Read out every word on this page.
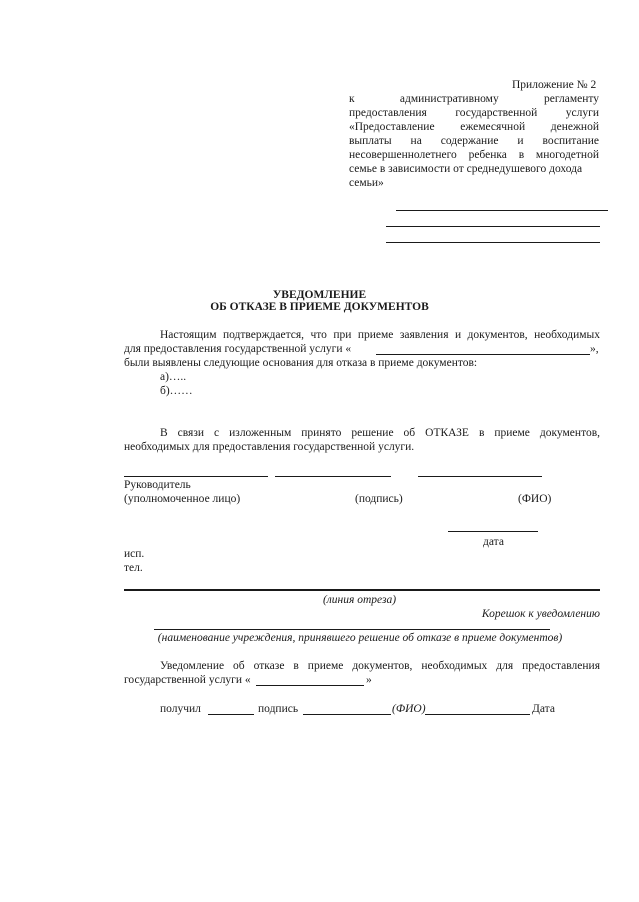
Приложение № 2
к административному регламенту
предоставления государственной услуги
«Предоставление ежемесячной денежной
выплаты на содержание и воспитание
несовершеннолетнего ребенка в многодетной
семье в зависимости от среднедушевого дохода
семьи»
УВЕДОМЛЕНИЕ
ОБ ОТКАЗЕ В ПРИЕМЕ ДОКУМЕНТОВ
Настоящим подтверждается, что при приеме заявления и документов, необходимых
для предоставления государственной услуги «	»,
были выявлены следующие основания для отказа в приеме документов:
а)…..
б)……
В связи с изложенным принято решение об ОТКАЗЕ в приеме документов,
необходимых для предоставления государственной услуги.
Руководитель
(уполномоченное лицо)	(подпись)	(ФИО)
дата
исп.
тел.
(линия отреза)
Корешок к уведомлению
(наименование учреждения, принявшего решение об отказе в приеме документов)
Уведомление об отказе в приеме документов, необходимых для предоставления
государственной услуги «	»
получил	подпись	(ФИО)	Дата
